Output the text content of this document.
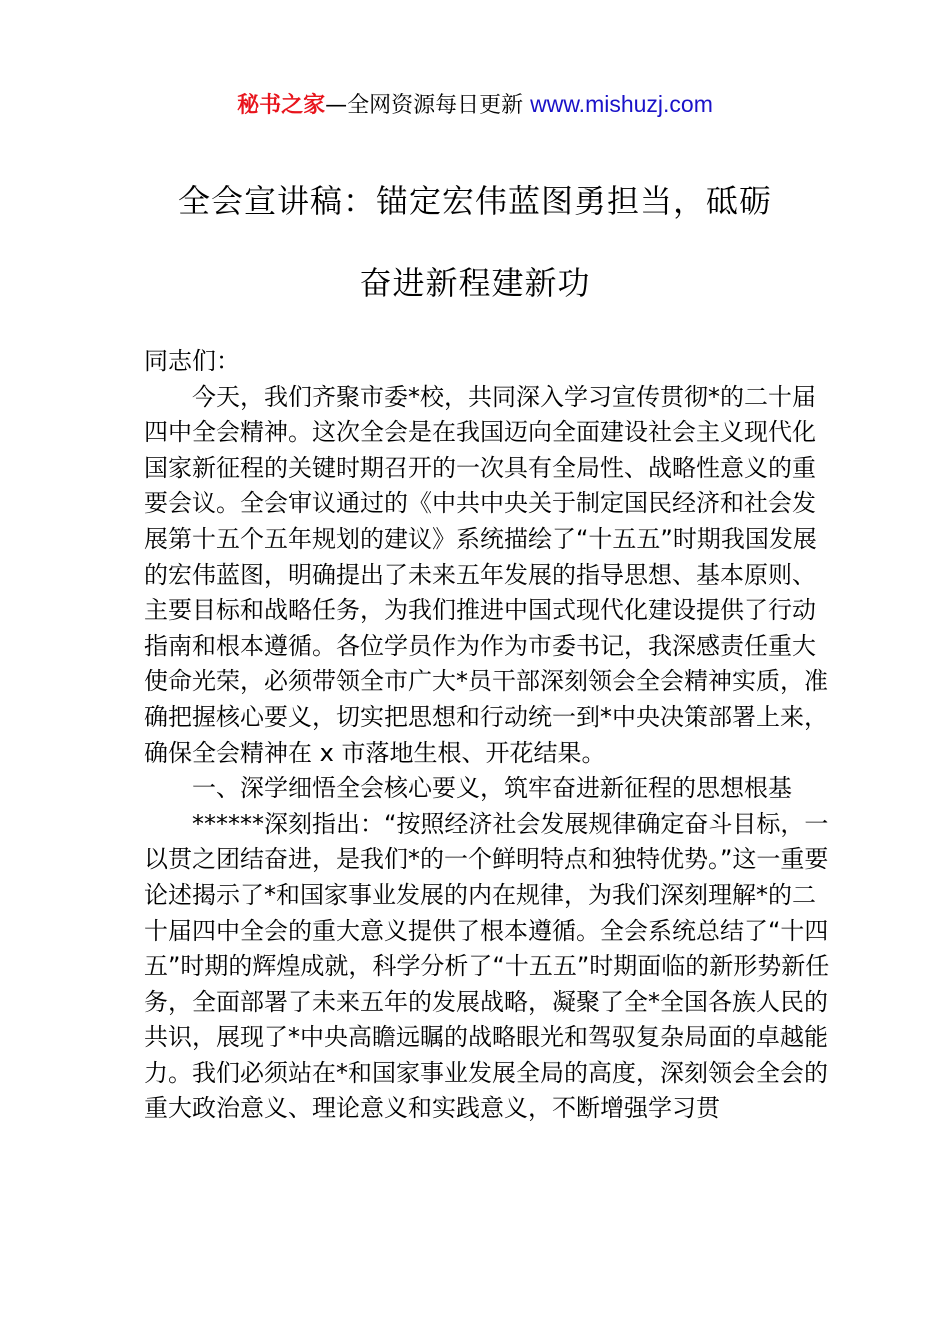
秘书之家—全网资源每日更新 www.mishuzj.com
全会宣讲稿：锚定宏伟蓝图勇担当，砥砺
奋进新程建新功

同志们：

今天，我们齐聚市委*校，共同深入学习宣传贯彻*的二十届四中全会精神。这次全会是在我国迈向全面建设社会主义现代化国家新征程的关键时期召开的一次具有全局性、战略性意义的重要会议。全会审议通过的《中共中央关于制定国民经济和社会发展第十五个五年规划的建议》系统描绘了“十五五”时期我国发展的宏伟蓝图，明确提出了未来五年发展的指导思想、基本原则、主要目标和战略任务，为我们推进中国式现代化建设提供了行动指南和根本遵循。各位学员作为作为市委书记，我深感责任重大使命光荣，必须带领全市广大*员干部深刻领会全会精神实质，准确把握核心要义，切实把思想和行动统一到*中央决策部署上来，确保全会精神在 x 市落地生根、开花结果。

一、深学细悟全会核心要义，筑牢奋进新征程的思想根基

******深刻指出：“按照经济社会发展规律确定奋斗目标，一以贯之团结奋进，是我们*的一个鲜明特点和独特优势。”这一重要论述揭示了*和国家事业发展的内在规律，为我们深刻理解*的二十届四中全会的重大意义提供了根本遵循。全会系统总结了“十四五”时期的辉煌成就，科学分析了“十五五”时期面临的新形势新任务，全面部署了未来五年的发展战略，凝聚了全*全国各族人民的共识，展现了*中央高瞻远瞩的战略眼光和驾驭复杂局面的卓越能力。我们必须站在*和国家事业发展全局的高度，深刻领会全会的重大政治意义、理论意义和实践意义，不断增强学习贯
